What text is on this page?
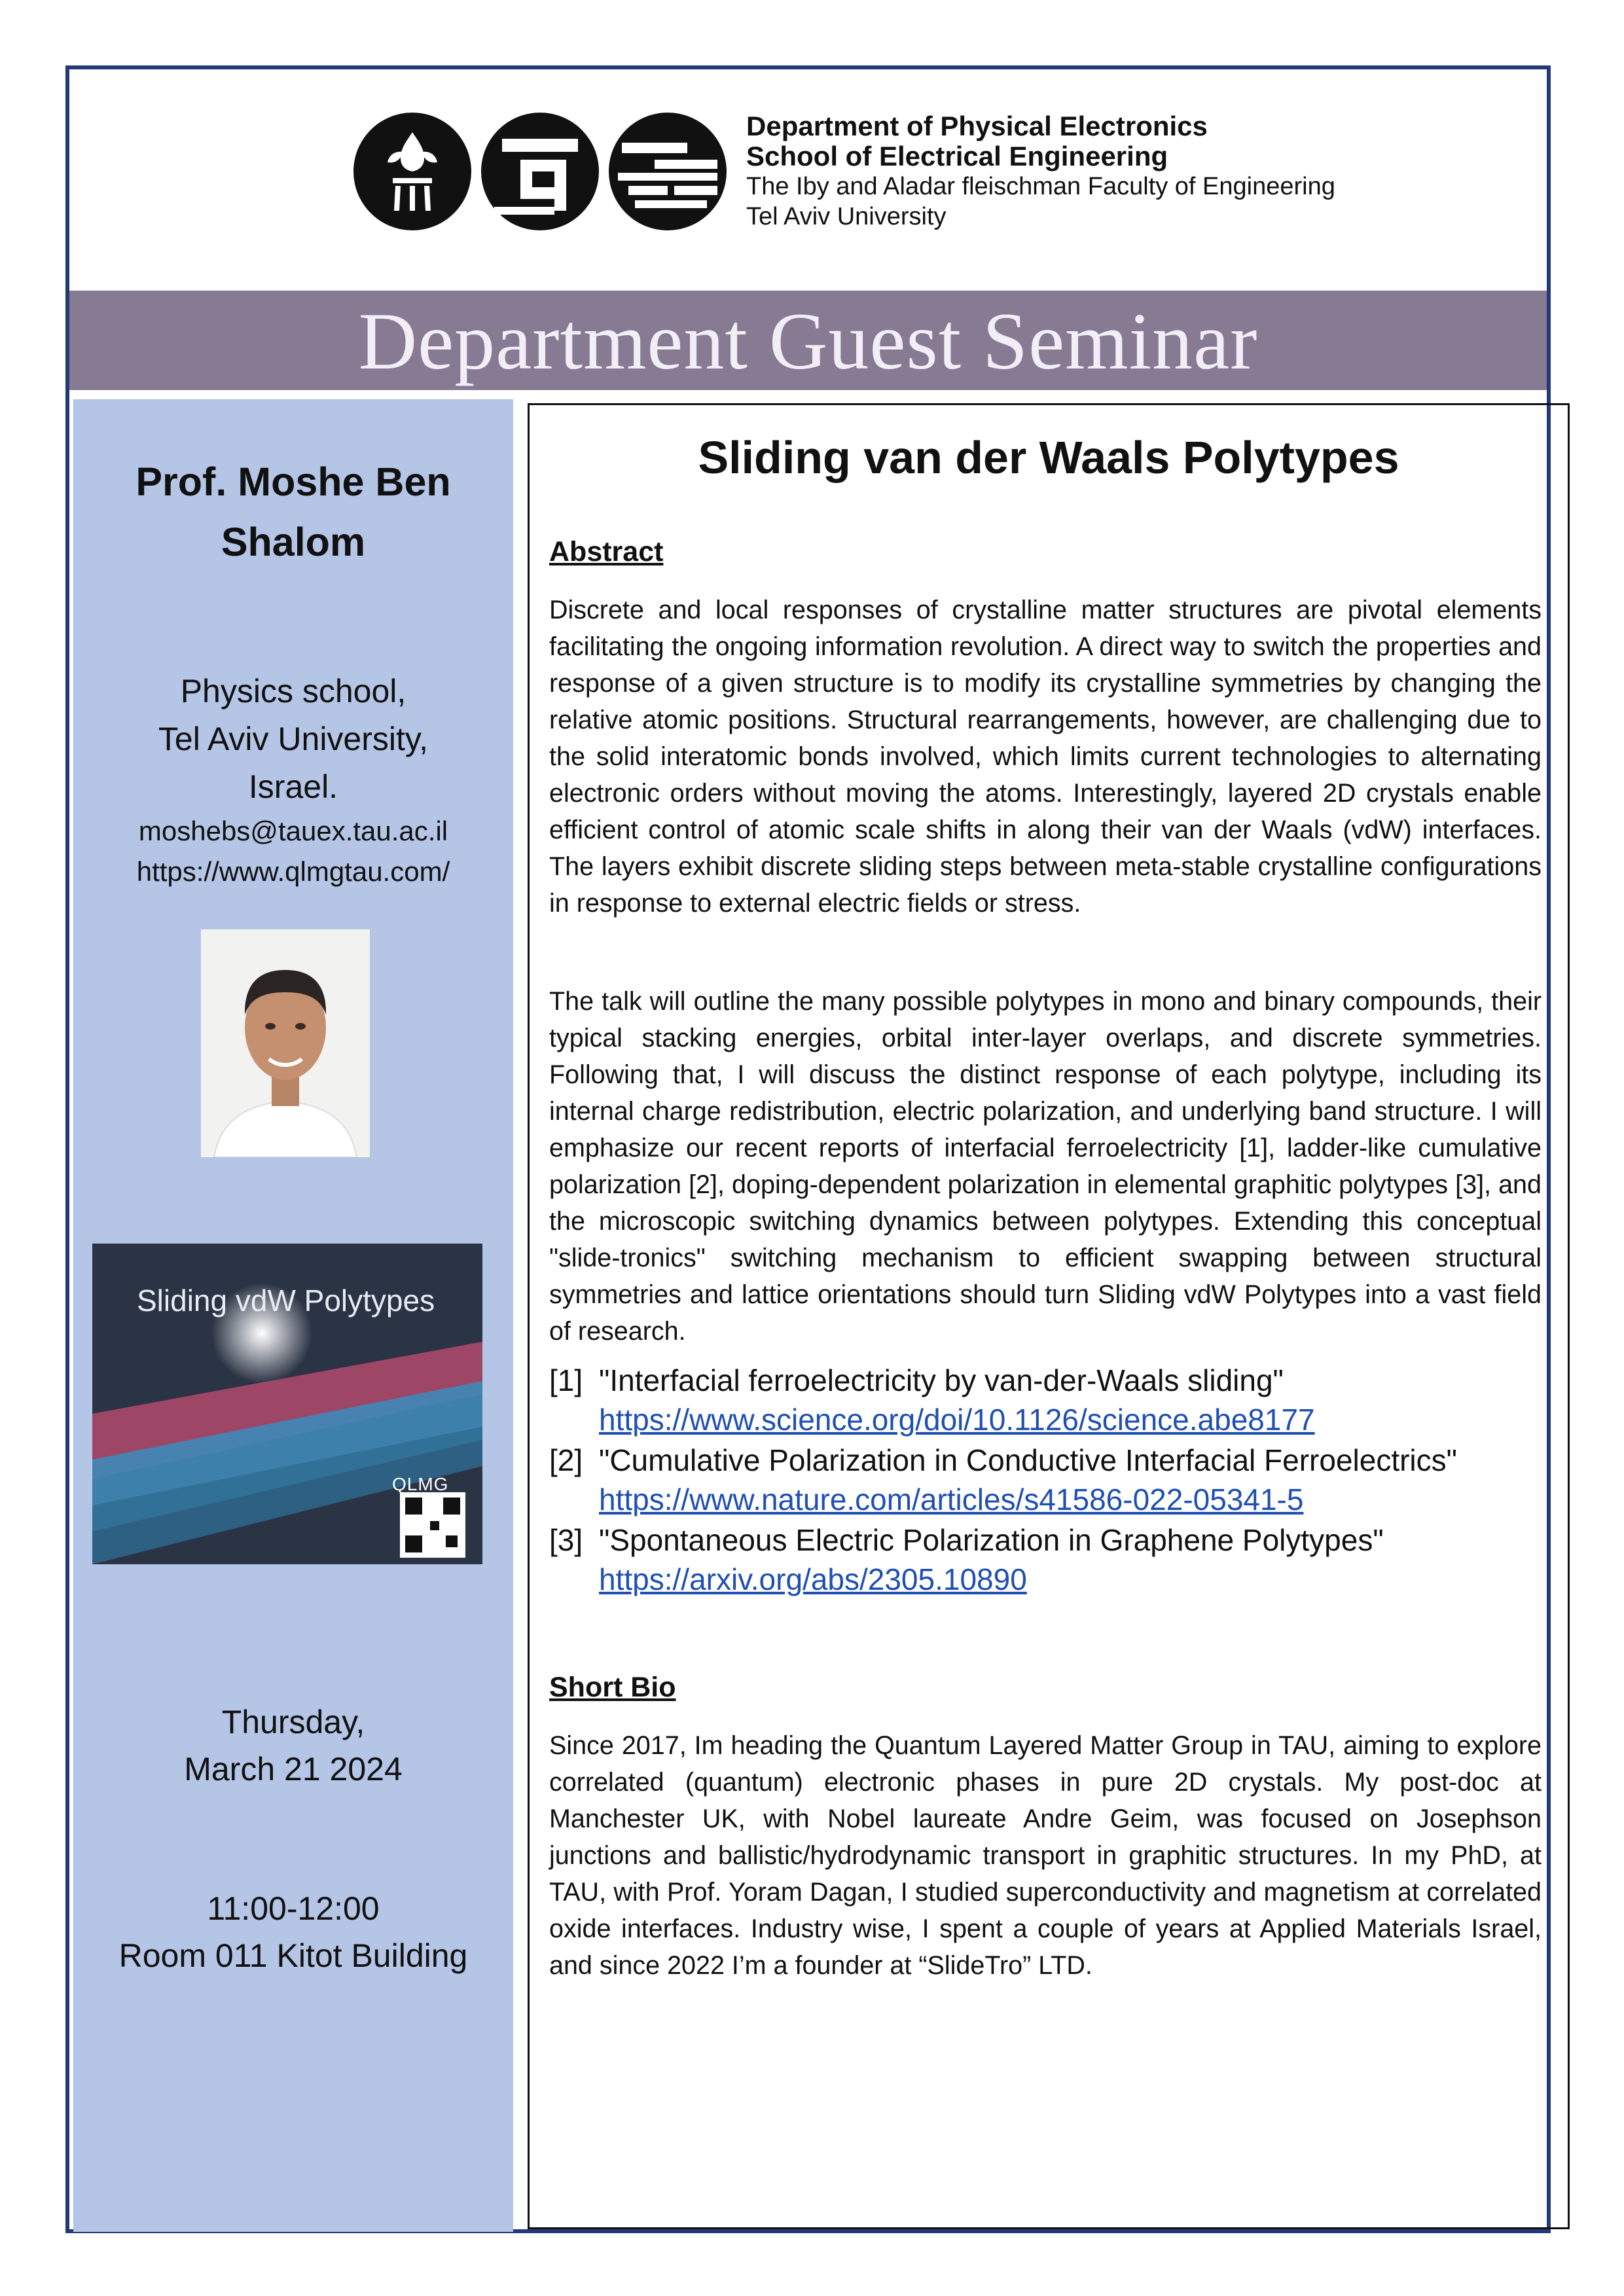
Department of Physical Electronics
School of Electrical Engineering
The Iby and Aladar fleischman Faculty of Engineering
Tel Aviv University
Department Guest Seminar
Prof. Moshe Ben Shalom
Physics school,
Tel Aviv University,
Israel.
moshebs@tauex.tau.ac.il
https://www.qlmgtau.com/
Sliding vdW Polytypes
QLMG
Thursday,
March 21 2024
11:00-12:00
Room 011 Kitot Building
Sliding van der Waals Polytypes
Abstract
Discrete and local responses of crystalline matter structures are pivotal elements facilitating the ongoing information revolution. A direct way to switch the properties and response of a given structure is to modify its crystalline symmetries by changing the relative atomic positions. Structural rearrangements, however, are challenging due to the solid interatomic bonds involved, which limits current technologies to alternating electronic orders without moving the atoms. Interestingly, layered 2D crystals enable efficient control of atomic scale shifts in along their van der Waals (vdW) interfaces. The layers exhibit discrete sliding steps between meta-stable crystalline configurations in response to external electric fields or stress.
The talk will outline the many possible polytypes in mono and binary compounds, their typical stacking energies, orbital inter-layer overlaps, and discrete symmetries. Following that, I will discuss the distinct response of each polytype, including its internal charge redistribution, electric polarization, and underlying band structure. I will emphasize our recent reports of interfacial ferroelectricity [1], ladder-like cumulative polarization [2], doping-dependent polarization in elemental graphitic polytypes [3], and the microscopic switching dynamics between polytypes. Extending this conceptual "slide-tronics" switching mechanism to efficient swapping between structural symmetries and lattice orientations should turn Sliding vdW Polytypes into a vast field of research.
[1] "Interfacial ferroelectricity by van-der-Waals sliding"
https://www.science.org/doi/10.1126/science.abe8177
[2] "Cumulative Polarization in Conductive Interfacial Ferroelectrics"
https://www.nature.com/articles/s41586-022-05341-5
[3] "Spontaneous Electric Polarization in Graphene Polytypes"
https://arxiv.org/abs/2305.10890
Short Bio
Since 2017, Im heading the Quantum Layered Matter Group in TAU, aiming to explore correlated (quantum) electronic phases in pure 2D crystals. My post-doc at Manchester UK, with Nobel laureate Andre Geim, was focused on Josephson junctions and ballistic/hydrodynamic transport in graphitic structures. In my PhD, at TAU, with Prof. Yoram Dagan, I studied superconductivity and magnetism at correlated oxide interfaces. Industry wise, I spent a couple of years at Applied Materials Israel, and since 2022 I’m a founder at “SlideTro” LTD.
